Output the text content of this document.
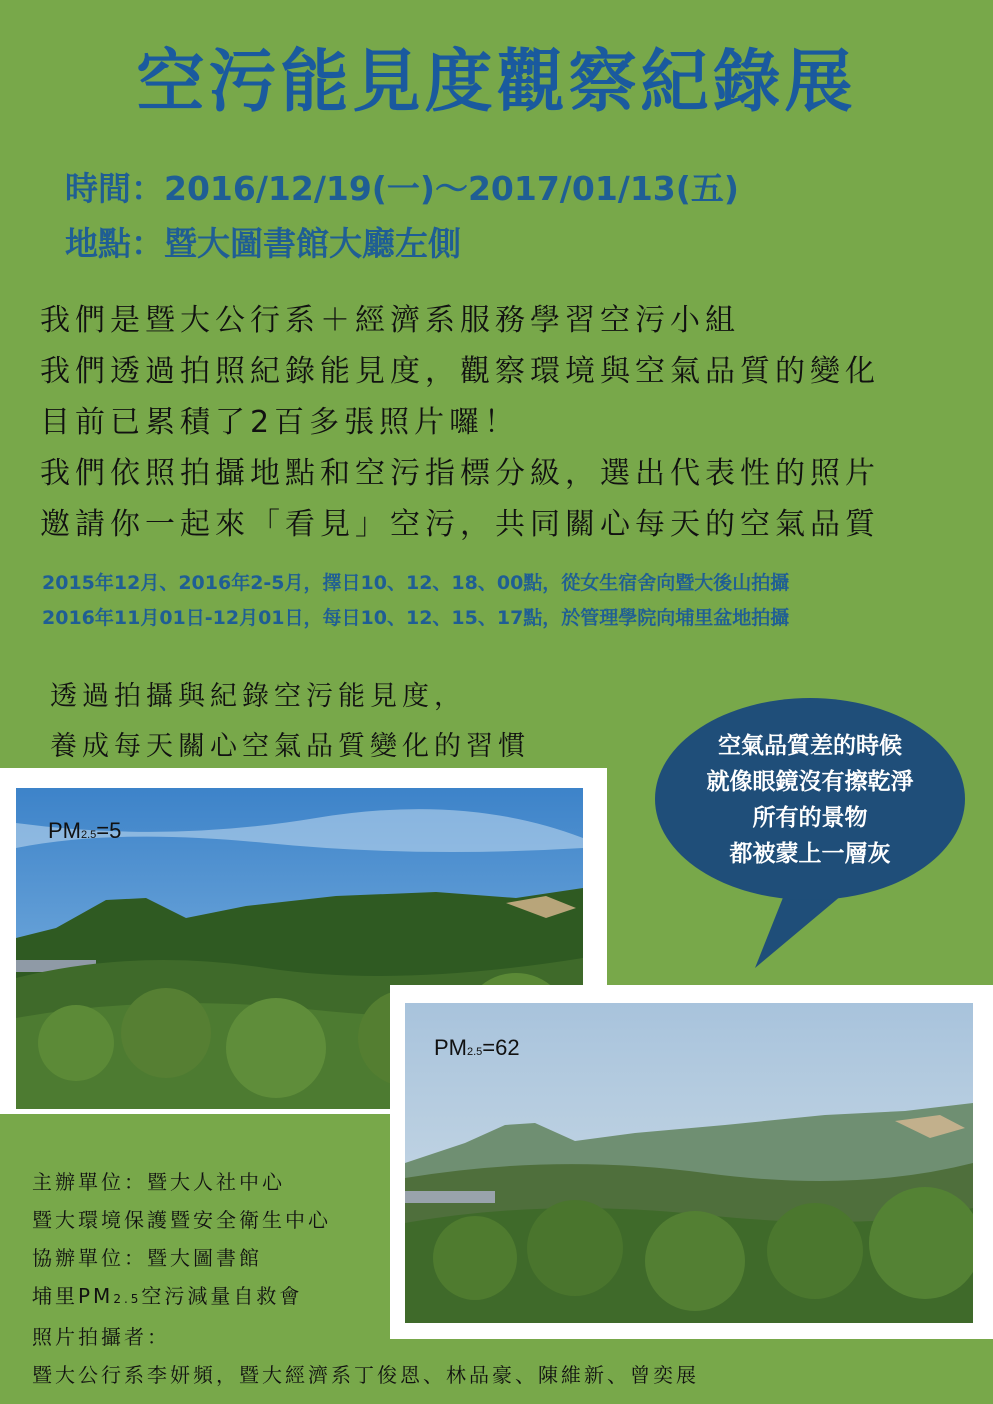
空污能見度觀察紀錄展
時間：2016/12/19(一)～2017/01/13(五)
地點：暨大圖書館大廳左側
我們是暨大公行系＋經濟系服務學習空污小組
我們透過拍照紀錄能見度，觀察環境與空氣品質的變化
目前已累積了2百多張照片囉！
我們依照拍攝地點和空污指標分級，選出代表性的照片
邀請你一起來「看見」空污，共同關心每天的空氣品質
2015年12月、2016年2-5月，擇日10、12、18、00點，從女生宿舍向暨大後山拍攝
2016年11月01日-12月01日，每日10、12、15、17點，於管理學院向埔里盆地拍攝
透過拍攝與紀錄空污能見度，
養成每天關心空氣品質變化的習慣	空氣品質差的時候
就像眼鏡沒有擦乾淨
所有的景物
都被蒙上一層灰
PM2.5=5
PM2.5=62
主辦單位：暨大人社中心
暨大環境保護暨安全衛生中心
協辦單位：暨大圖書館
埔里PM2.5空污減量自救會
照片拍攝者：
暨大公行系李妍頻，暨大經濟系丁俊恩、林品豪、陳維新、曾奕展
